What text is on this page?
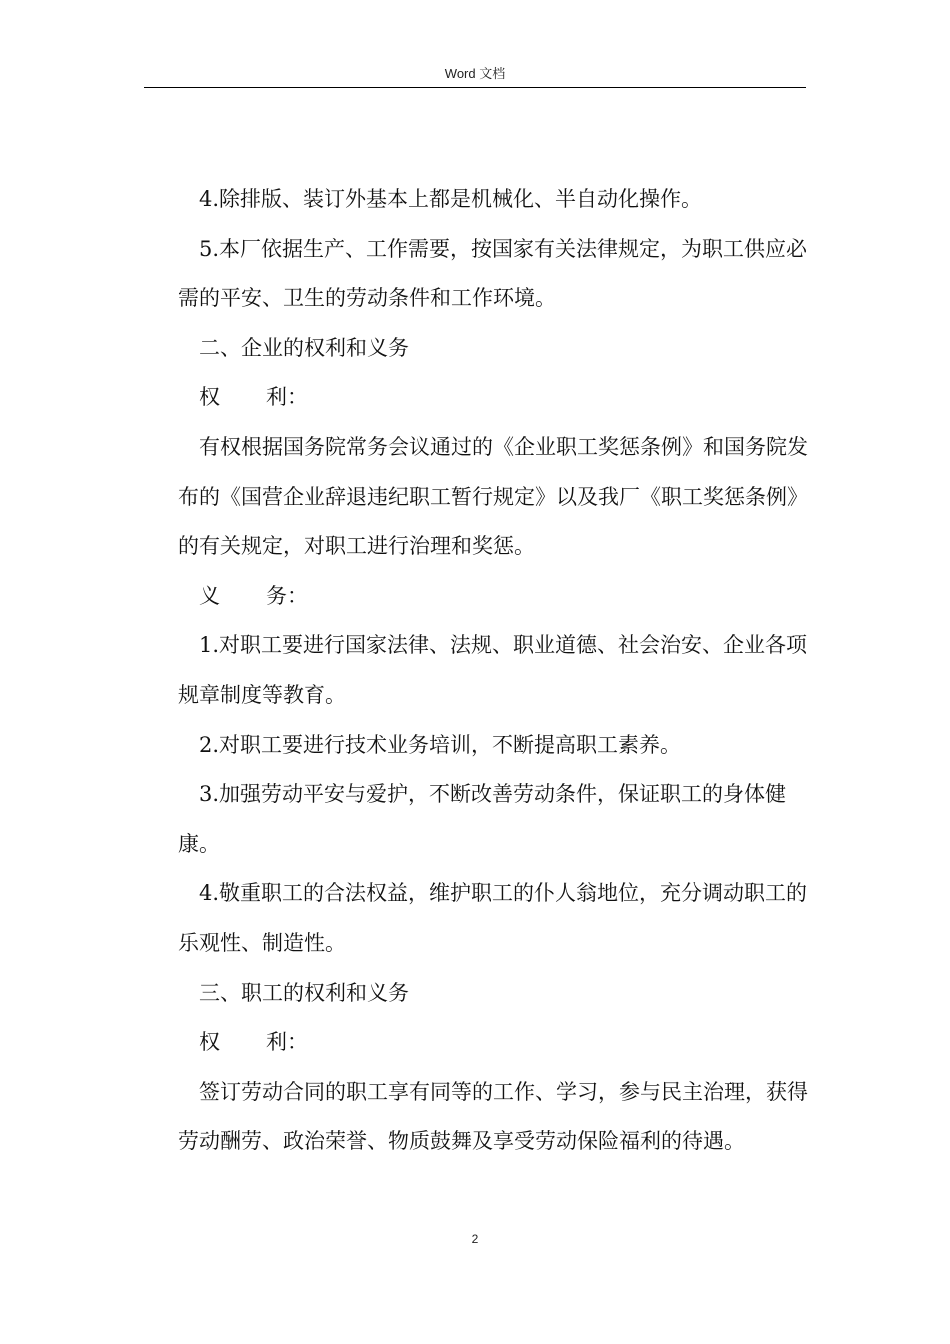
Word 文档

4.除排版、装订外基本上都是机械化、半自动化操作。

5.本厂依据生产、工作需要，按国家有关法律规定，为职工供应必需的平安、卫生的劳动条件和工作环境。

二、企业的权利和义务

权 利：

有权根据国务院常务会议通过的《企业职工奖惩条例》和国务院发布的《国营企业辞退违纪职工暂行规定》以及我厂《职工奖惩条例》的有关规定，对职工进行治理和奖惩。

义 务：

1.对职工要进行国家法律、法规、职业道德、社会治安、企业各项规章制度等教育。

2.对职工要进行技术业务培训，不断提高职工素养。

3.加强劳动平安与爱护，不断改善劳动条件，保证职工的身体健康。

4.敬重职工的合法权益，维护职工的仆人翁地位，充分调动职工的乐观性、制造性。

三、职工的权利和义务

权 利：

签订劳动合同的职工享有同等的工作、学习，参与民主治理，获得劳动酬劳、政治荣誉、物质鼓舞及享受劳动保险福利的待遇。

2
